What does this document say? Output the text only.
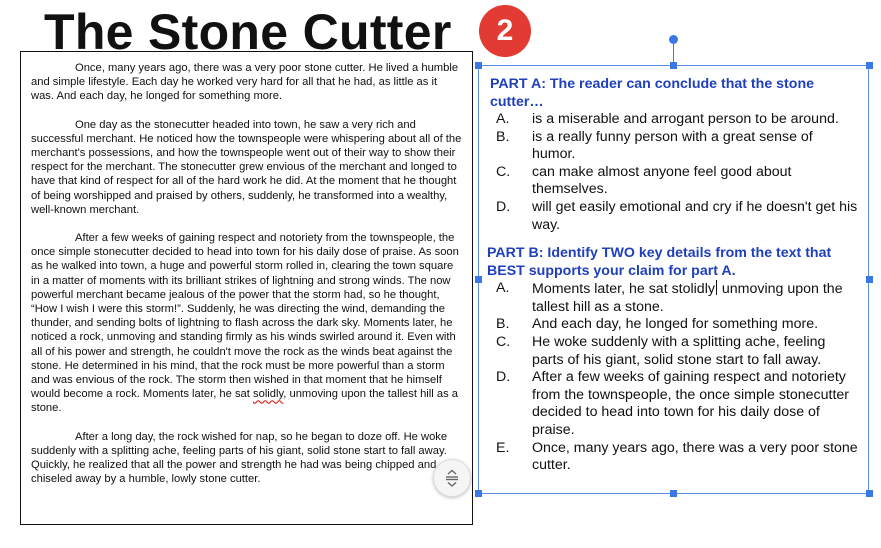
The Stone Cutter	2

Once, many years ago, there was a very poor stone cutter. He lived a humble and simple lifestyle. Each day he worked very hard for all that he had, as little as it was. And each day, he longed for something more.

One day as the stonecutter headed into town, he saw a very rich and successful merchant. He noticed how the townspeople were whispering about all of the merchant's possessions, and how the townspeople went out of their way to show their respect for the merchant. The stonecutter grew envious of the merchant and longed to have that kind of respect for all of the hard work he did. At the moment that he thought of being worshipped and praised by others, suddenly, he transformed into a wealthy, well-known merchant.

After a few weeks of gaining respect and notoriety from the townspeople, the once simple stonecutter decided to head into town for his daily dose of praise. As soon as he walked into town, a huge and powerful storm rolled in, clearing the town square in a matter of moments with its brilliant strikes of lightning and strong winds. The now powerful merchant became jealous of the power that the storm had, so he thought, “How I wish I were this storm!”. Suddenly, he was directing the wind, demanding the thunder, and sending bolts of lightning to flash across the dark sky. Moments later, he noticed a rock, unmoving and standing firmly as his winds swirled around it. Even with all of his power and strength, he couldn't move the rock as the winds beat against the stone. He determined in his mind, that the rock must be more powerful than a storm and was envious of the rock. The storm then wished in that moment that he himself would become a rock. Moments later, he sat solidly, unmoving upon the tallest hill as a stone.

After a long day, the rock wished for nap, so he began to doze off. He woke suddenly with a splitting ache, feeling parts of his giant, solid stone start to fall away. Quickly, he realized that all the power and strength he had was being chipped and chiseled away by a humble, lowly stone cutter.

PART A: The reader can conclude that the stone cutter…
A.	is a miserable and arrogant person to be around.
B.	is a really funny person with a great sense of humor.
C.	can make almost anyone feel good about themselves.
D.	will get easily emotional and cry if he doesn't get his way.
PART B: Identify TWO key details from the text that BEST supports your claim for part A.
A.	Moments later, he sat stolidly unmoving upon the tallest hill as a stone.
B.	And each day, he longed for something more.
C.	He woke suddenly with a splitting ache, feeling parts of his giant, solid stone start to fall away.
D.	After a few weeks of gaining respect and notoriety from the townspeople, the once simple stonecutter decided to head into town for his daily dose of praise.
E.	Once, many years ago, there was a very poor stone cutter.
